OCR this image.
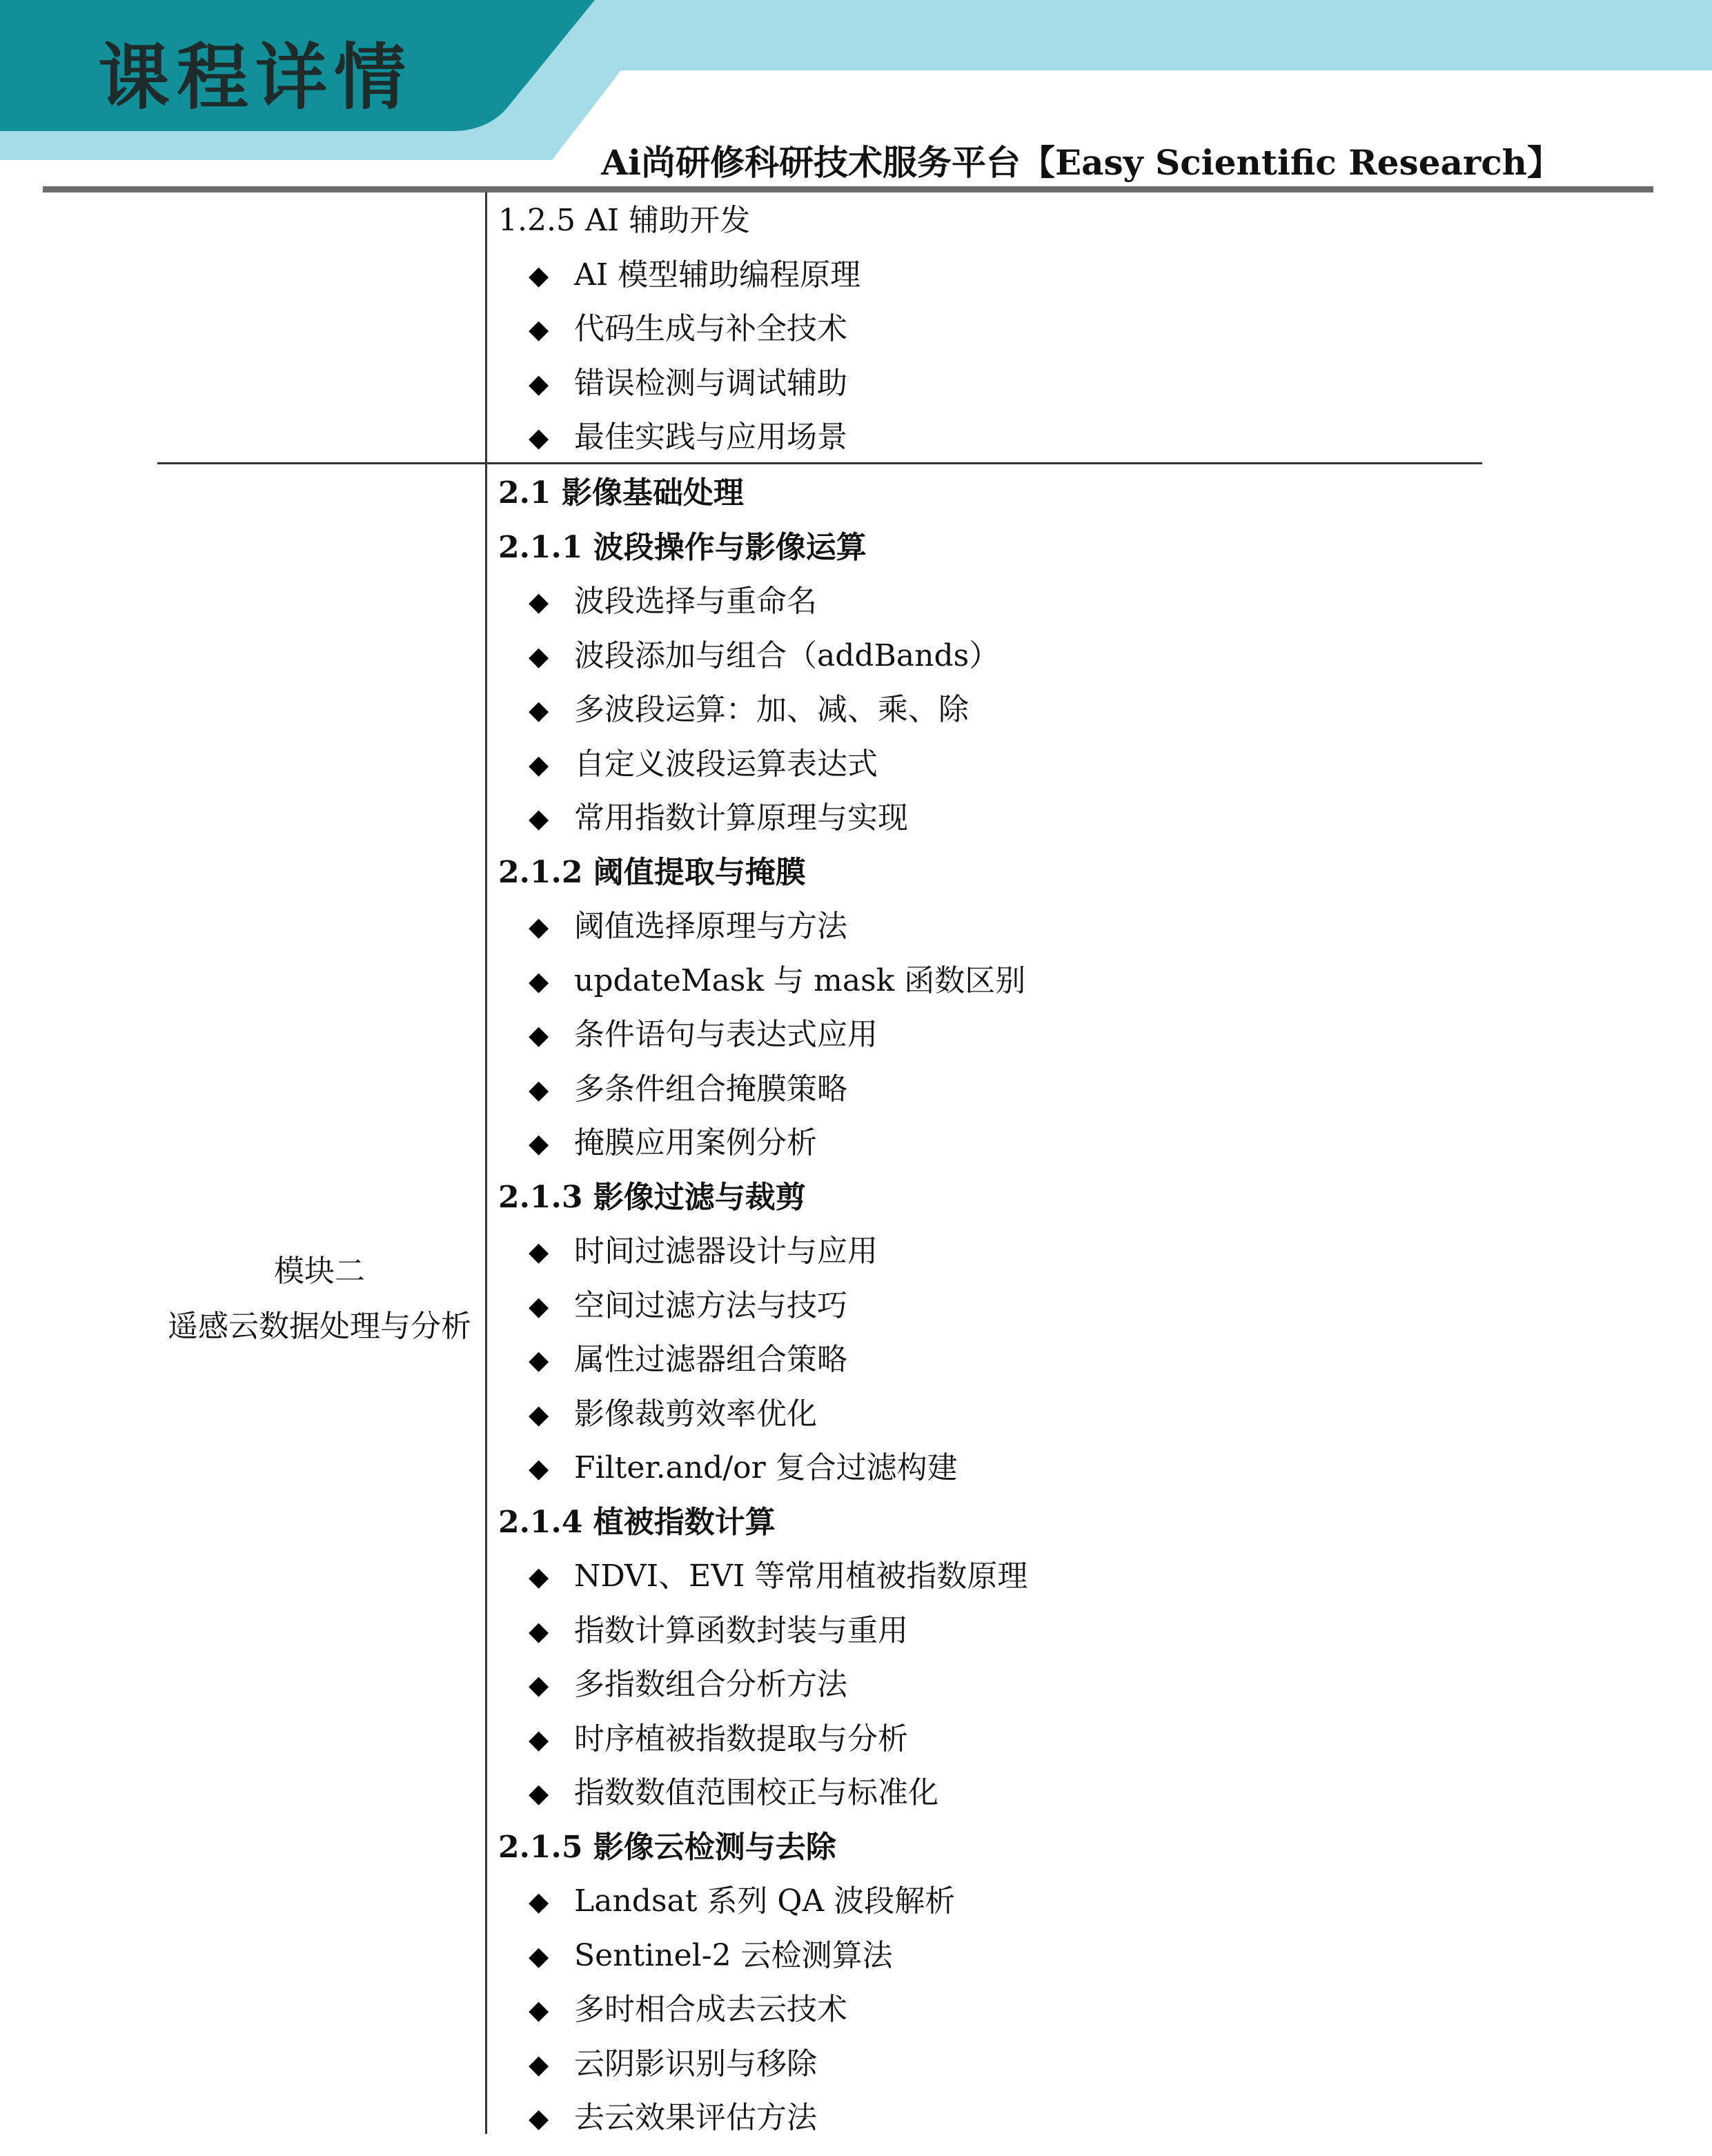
课程详情
Ai尚研修科研技术服务平台【Easy Scientific Research】
1.2.5 AI 辅助开发
◆ AI 模型辅助编程原理
◆ 代码生成与补全技术
◆ 错误检测与调试辅助
◆ 最佳实践与应用场景
模块二
遥感云数据处理与分析
2.1 影像基础处理
2.1.1 波段操作与影像运算
◆ 波段选择与重命名
◆ 波段添加与组合（addBands）
◆ 多波段运算：加、减、乘、除
◆ 自定义波段运算表达式
◆ 常用指数计算原理与实现
2.1.2 阈值提取与掩膜
◆ 阈值选择原理与方法
◆ updateMask 与 mask 函数区别
◆ 条件语句与表达式应用
◆ 多条件组合掩膜策略
◆ 掩膜应用案例分析
2.1.3 影像过滤与裁剪
◆ 时间过滤器设计与应用
◆ 空间过滤方法与技巧
◆ 属性过滤器组合策略
◆ 影像裁剪效率优化
◆ Filter.and/or 复合过滤构建
2.1.4 植被指数计算
◆ NDVI、EVI 等常用植被指数原理
◆ 指数计算函数封装与重用
◆ 多指数组合分析方法
◆ 时序植被指数提取与分析
◆ 指数数值范围校正与标准化
2.1.5 影像云检测与去除
◆ Landsat 系列 QA 波段解析
◆ Sentinel-2 云检测算法
◆ 多时相合成去云技术
◆ 云阴影识别与移除
◆ 去云效果评估方法
